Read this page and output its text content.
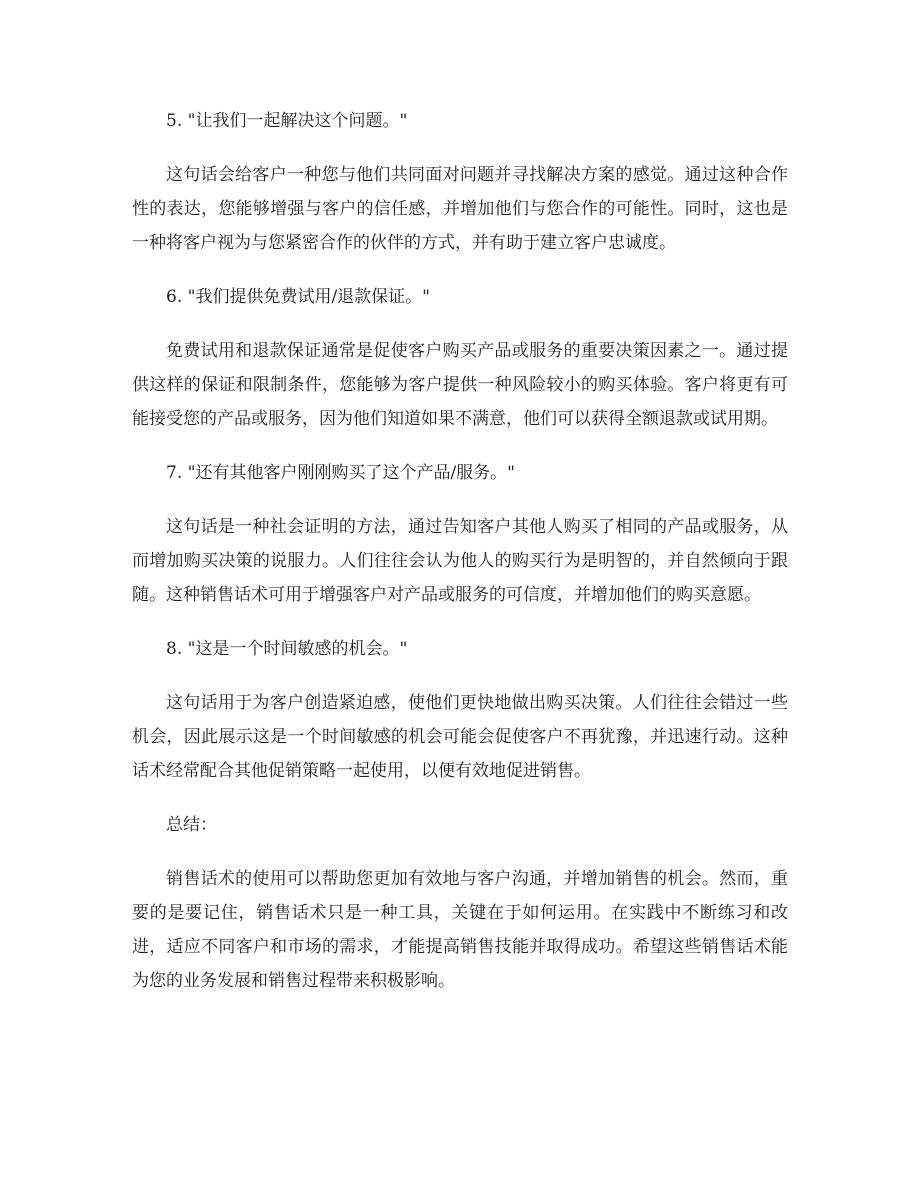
5. "让我们一起解决这个问题。"

这句话会给客户一种您与他们共同面对问题并寻找解决方案的感觉。通过这种合作性的表达，您能够增强与客户的信任感，并增加他们与您合作的可能性。同时，这也是一种将客户视为与您紧密合作的伙伴的方式，并有助于建立客户忠诚度。

6. "我们提供免费试用/退款保证。"

免费试用和退款保证通常是促使客户购买产品或服务的重要决策因素之一。通过提供这样的保证和限制条件，您能够为客户提供一种风险较小的购买体验。客户将更有可能接受您的产品或服务，因为他们知道如果不满意，他们可以获得全额退款或试用期。

7. "还有其他客户刚刚购买了这个产品/服务。"

这句话是一种社会证明的方法，通过告知客户其他人购买了相同的产品或服务，从而增加购买决策的说服力。人们往往会认为他人的购买行为是明智的，并自然倾向于跟随。这种销售话术可用于增强客户对产品或服务的可信度，并增加他们的购买意愿。

8. "这是一个时间敏感的机会。"

这句话用于为客户创造紧迫感，使他们更快地做出购买决策。人们往往会错过一些机会，因此展示这是一个时间敏感的机会可能会促使客户不再犹豫，并迅速行动。这种话术经常配合其他促销策略一起使用，以便有效地促进销售。

总结：

销售话术的使用可以帮助您更加有效地与客户沟通，并增加销售的机会。然而，重要的是要记住，销售话术只是一种工具，关键在于如何运用。在实践中不断练习和改进，适应不同客户和市场的需求，才能提高销售技能并取得成功。希望这些销售话术能为您的业务发展和销售过程带来积极影响。
